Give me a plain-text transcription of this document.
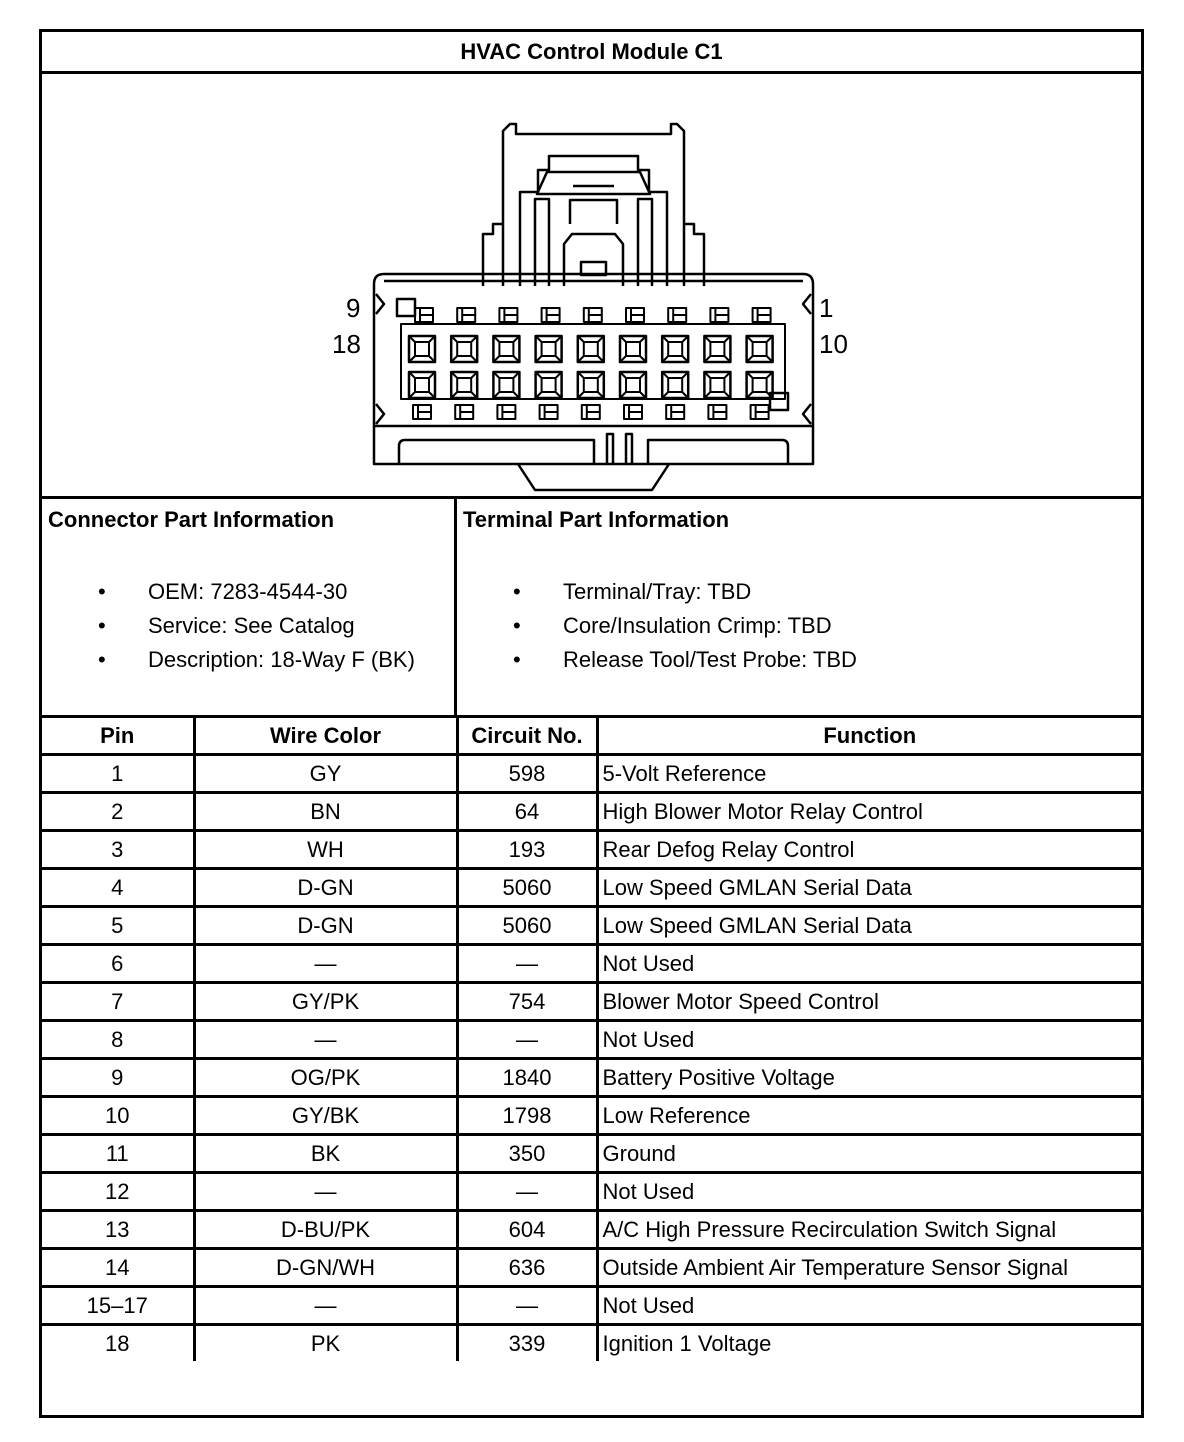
HVAC Control Module C1
9
18
1
10
Connector Part Information
• OEM: 7283-4544-30
• Service: See Catalog
• Description: 18-Way F (BK)
Terminal Part Information
• Terminal/Tray: TBD
• Core/Insulation Crimp: TBD
• Release Tool/Test Probe: TBD
Pin	Wire Color	Circuit No.	Function
1	GY	598	5-Volt Reference
2	BN	64	High Blower Motor Relay Control
3	WH	193	Rear Defog Relay Control
4	D-GN	5060	Low Speed GMLAN Serial Data
5	D-GN	5060	Low Speed GMLAN Serial Data
6	—	—	Not Used
7	GY/PK	754	Blower Motor Speed Control
8	—	—	Not Used
9	OG/PK	1840	Battery Positive Voltage
10	GY/BK	1798	Low Reference
11	BK	350	Ground
12	—	—	Not Used
13	D-BU/PK	604	A/C High Pressure Recirculation Switch Signal
14	D-GN/WH	636	Outside Ambient Air Temperature Sensor Signal
15–17	—	—	Not Used
18	PK	339	Ignition 1 Voltage
